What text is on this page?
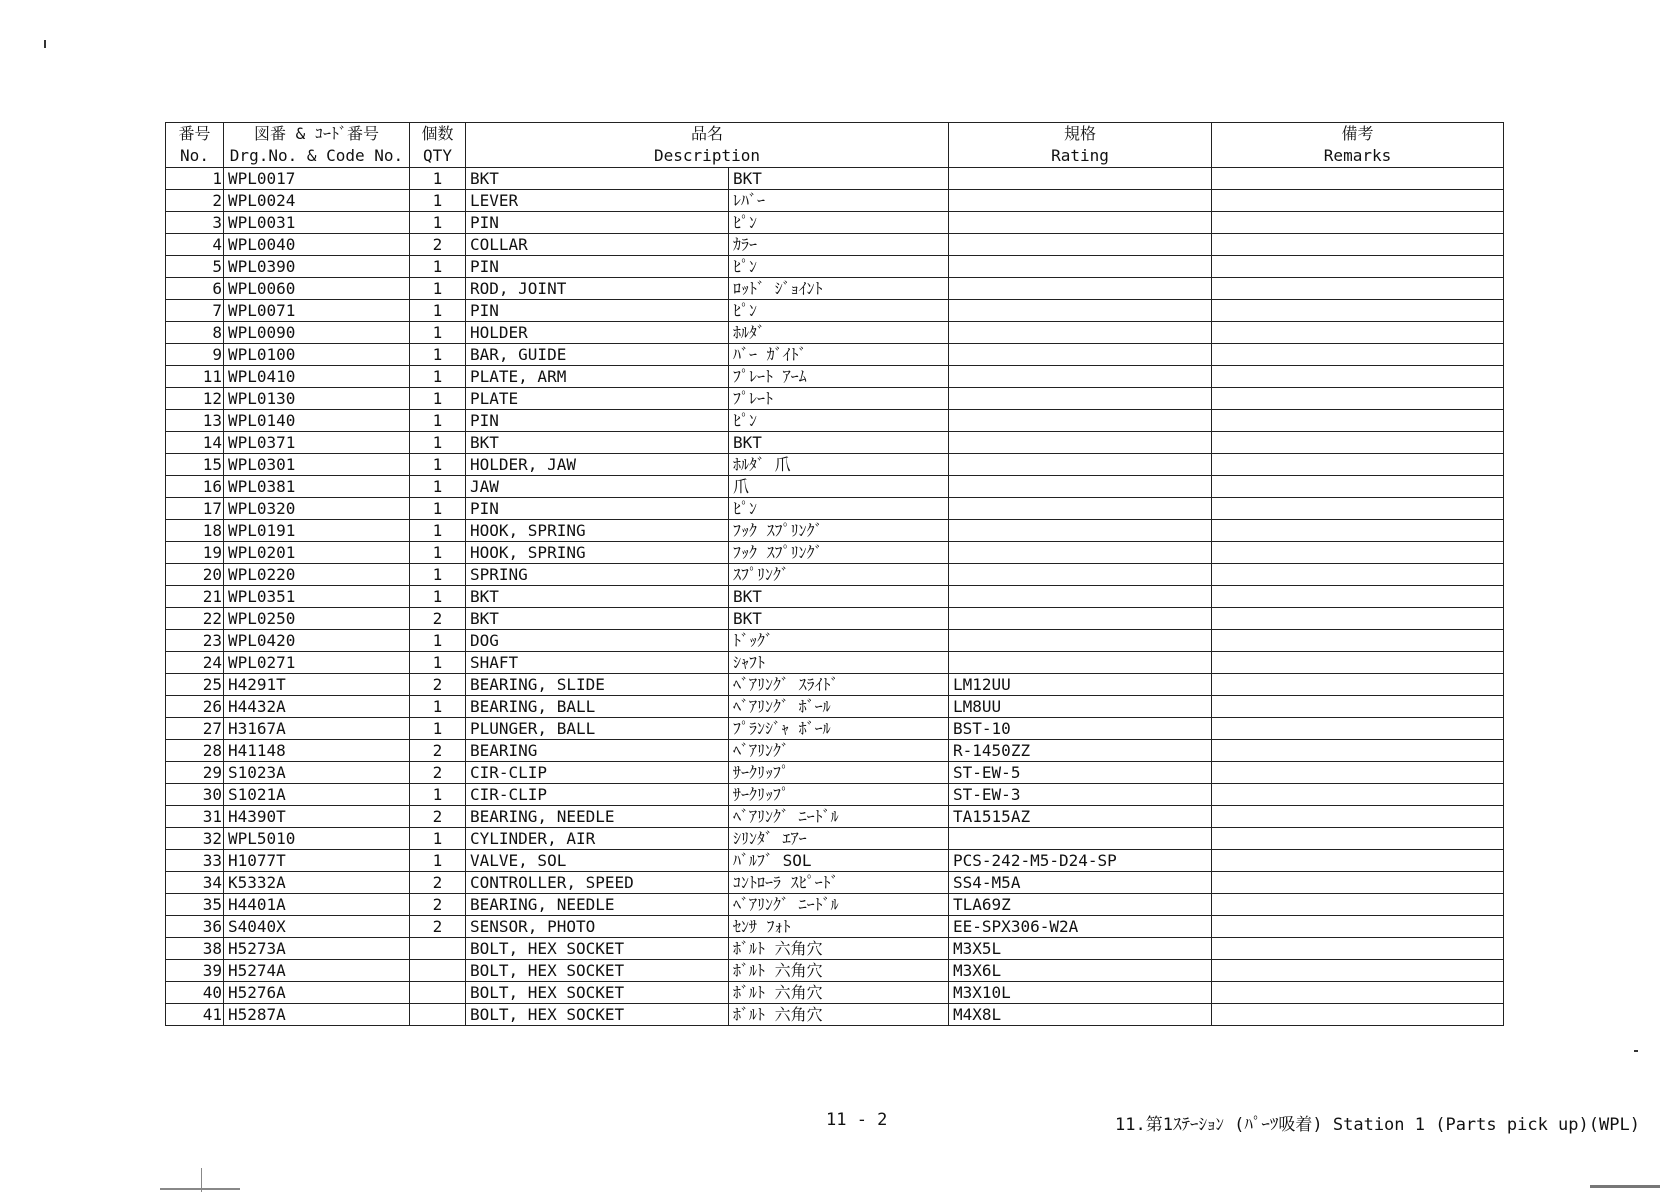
番号	図番 & ｺｰﾄﾞ番号	個数	品名		規格	備考
No.	Drg.No. & Code No.	QTY	Description		Rating	Remarks
1	WPL0017	1	BKT	BKT		
2	WPL0024	1	LEVER	ﾚﾊﾞｰ		
3	WPL0031	1	PIN	ﾋﾟﾝ		
4	WPL0040	2	COLLAR	ｶﾗｰ		
5	WPL0390	1	PIN	ﾋﾟﾝ		
6	WPL0060	1	ROD, JOINT	ﾛｯﾄﾞ ｼﾞｮｲﾝﾄ		
7	WPL0071	1	PIN	ﾋﾟﾝ		
8	WPL0090	1	HOLDER	ﾎﾙﾀﾞ		
9	WPL0100	1	BAR, GUIDE	ﾊﾞｰ ｶﾞｲﾄﾞ		
11	WPL0410	1	PLATE, ARM	ﾌﾟﾚｰﾄ ｱｰﾑ		
12	WPL0130	1	PLATE	ﾌﾟﾚｰﾄ		
13	WPL0140	1	PIN	ﾋﾟﾝ		
14	WPL0371	1	BKT	BKT		
15	WPL0301	1	HOLDER, JAW	ﾎﾙﾀﾞ 爪		
16	WPL0381	1	JAW	爪		
17	WPL0320	1	PIN	ﾋﾟﾝ		
18	WPL0191	1	HOOK, SPRING	ﾌｯｸ ｽﾌﾟﾘﾝｸﾞ		
19	WPL0201	1	HOOK, SPRING	ﾌｯｸ ｽﾌﾟﾘﾝｸﾞ		
20	WPL0220	1	SPRING	ｽﾌﾟﾘﾝｸﾞ		
21	WPL0351	1	BKT	BKT		
22	WPL0250	2	BKT	BKT		
23	WPL0420	1	DOG	ﾄﾞｯｸﾞ		
24	WPL0271	1	SHAFT	ｼｬﾌﾄ		
25	H4291T	2	BEARING, SLIDE	ﾍﾞｱﾘﾝｸﾞ ｽﾗｲﾄﾞ	LM12UU	
26	H4432A	1	BEARING, BALL	ﾍﾞｱﾘﾝｸﾞ ﾎﾞｰﾙ	LM8UU	
27	H3167A	1	PLUNGER, BALL	ﾌﾟﾗﾝｼﾞｬ ﾎﾞｰﾙ	BST-10	
28	H41148	2	BEARING	ﾍﾞｱﾘﾝｸﾞ	R-1450ZZ	
29	S1023A	2	CIR-CLIP	ｻｰｸﾘｯﾌﾟ	ST-EW-5	
30	S1021A	1	CIR-CLIP	ｻｰｸﾘｯﾌﾟ	ST-EW-3	
31	H4390T	2	BEARING, NEEDLE	ﾍﾞｱﾘﾝｸﾞ ﾆｰﾄﾞﾙ	TA1515AZ	
32	WPL5010	1	CYLINDER, AIR	ｼﾘﾝﾀﾞ ｴｱｰ		
33	H1077T	1	VALVE, SOL	ﾊﾞﾙﾌﾞ SOL	PCS-242-M5-D24-SP	
34	K5332A	2	CONTROLLER, SPEED	ｺﾝﾄﾛｰﾗ ｽﾋﾟｰﾄﾞ	SS4-M5A	
35	H4401A	2	BEARING, NEEDLE	ﾍﾞｱﾘﾝｸﾞ ﾆｰﾄﾞﾙ	TLA69Z	
36	S4040X	2	SENSOR, PHOTO	ｾﾝｻ ﾌｫﾄ	EE-SPX306-W2A	
38	H5273A		BOLT, HEX SOCKET	ﾎﾞﾙﾄ 六角穴	M3X5L	
39	H5274A		BOLT, HEX SOCKET	ﾎﾞﾙﾄ 六角穴	M3X6L	
40	H5276A		BOLT, HEX SOCKET	ﾎﾞﾙﾄ 六角穴	M3X10L	
41	H5287A		BOLT, HEX SOCKET	ﾎﾞﾙﾄ 六角穴	M4X8L	
11 - 2	11.第1ｽﾃｰｼｮﾝ (ﾊﾟｰﾂ吸着) Station 1 (Parts pick up)(WPL)
